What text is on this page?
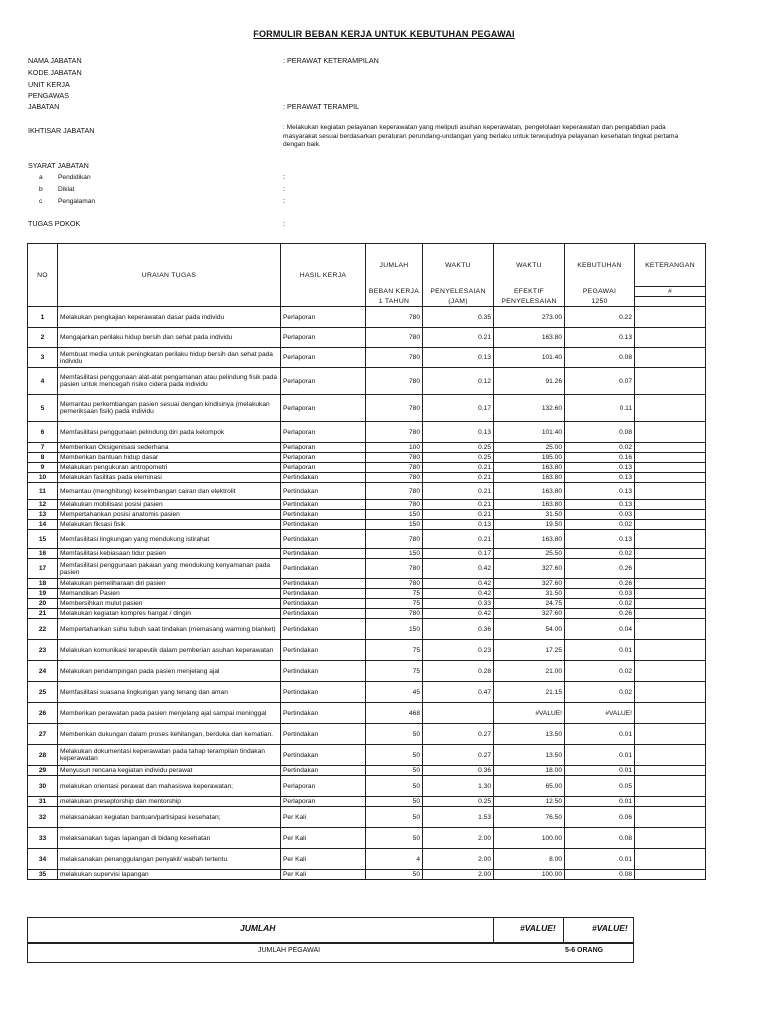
FORMULIR BEBAN KERJA UNTUK KEBUTUHAN PEGAWAI
NAMA JABATAN	: PERAWAT KETERAMPILAN
KODE JABATAN
UNIT KERJA
PENGAWAS
JABATAN	: PERAWAT TERAMPIL
IKHTISAR JABATAN	: Melakukan kegiatan pelayanan keperawatan yang meliputi asuhan keperawatan, pengelolaan keperawatan dan pengabdian pada masyarakat sesuai berdasarkan peraturan perundang-undangan yang berlaku untuk terwujudnya pelayanan kesehatan tingkat pertama dengan baik.
SYARAT JABATAN
a Pendidikan	:
b Diklat	:
c Pengalaman	:
TUGAS POKOK	:
NO	URAIAN TUGAS	HASIL KERJA	JUMLAH	WAKTU	WAKTU	KEBUTUHAN	KETERANGAN
			BEBAN KERJA	PENYELESAIAN	EFEKTIF	PEGAWAI	#
			1 TAHUN	(JAM)	PENYELESAIAN	1250	
1	Melakukan pengkajian keperawatan dasar pada individu	Perlaporan	780	0.35	273.00	0.22	
2	Mengajarkan perilaku hidup bersih dan sehat pada individu	Perlaporan	780	0.21	163.80	0.13	
3	Membuat media untuk peningkatan perilaku hidup bersih dan sehat pada individu	Perlaporan	780	0.13	101.40	0.08	
4	Memfasilitasi penggunaan alat-alat pengamanan atau pelindung fisik pada pasien untuk mencegah risiko cidera pada individu	Perlaporan	780	0.12	91.26	0.07	
5	Memantau perkembangan pasien sesuai dengan kindisinya (melakukan pemeriksaan fisik) pada individu	Perlaporan	780	0.17	132.60	0.11	
6	Memfasilitasi penggunaan pelindung diri pada kelompok	Perlaporan	780	0.13	101.40	0.08	
7	Memberikan Oksigenisasi sederhana	Perlaporan	100	0.25	25.00	0.02	
8	Memberikan bantuan hidup dasar	Perlaporan	780	0.25	195.00	0.16	
9	Melakukan pengukuran antropometri	Perlaporan	780	0.21	163.80	0.13	
10	Melakukan fasilitas pada eleminasi	Pertindakan	780	0.21	163.80	0.13	
11	Memantau (menghitung) keseimbangan cairan dan elektrolit	Pertindakan	780	0.21	163.80	0.13	
12	Melakukan mobilisasi posisi pasien	Pertindakan	780	0.21	163.80	0.13	
13	Mempertahankan posisi anatomis pasien	Pertindakan	150	0.21	31.50	0.03	
14	Melakukan fiksasi fisik	Pertindakan	150	0.13	19.50	0.02	
15	Memfasilitasi lingkungan yang mendukung istirahat	Pertindakan	780	0.21	163.80	0.13	
16	Memfasilitasi kebiasaan tidur pasien	Pertindakan	150	0.17	25.50	0.02	
17	Memfasilitasi penggunaan pakaian yang mendukung kenyamanan pada pasien	Pertindakan	780	0.42	327.60	0.26	
18	Melakukan pemeliharaan diri pasien	Pertindakan	780	0.42	327.60	0.26	
19	Memandikan Pasien	Pertindakan	75	0.42	31.50	0.03	
20	Membersihkan mulut pasien	Pertindakan	75	0.33	24.75	0.02	
21	Melakukan kegiatan kompres hangat / dingin	Pertindakan	780	0.42	327.60	0.26	
22	Mempertahankan suhu tubuh saat tindakan (memasang warming blanket)	Pertindakan	150	0.36	54.00	0.04	
23	Melakukan komunikasi terapeutik dalam pemberian asuhan keperawatan	Pertindakan	75	0.23	17.25	0.01	
24	Melakukan pendampingan pada pasien menjelang ajal	Pertindakan	75	0.28	21.00	0.02	
25	Memfasilitasi suasana lingkungan yang tenang dan aman	Pertindakan	45	0.47	21.15	0.02	
26	Memberikan perawatan pada pasien menjelang ajal sampai meninggal	Pertindakan	468		#VALUE!	#VALUE!	
27	Memberikan dukungan dalam proses kehilangan, berduka dan kematian.	Pertindakan	50	0.27	13.50	0.01	
28	Melakukan dokumentasi keperawatan pada tahap terampilan tindakan keperawatan	Pertindakan	50	0.27	13.50	0.01	
29	Menyusun rencana kegiatan individu perawat	Pertindakan	50	0.36	18.00	0.01	
30	melakukan orientasi perawat dan mahasiswa keperawatan;	Perlaporan	50	1.30	65.00	0.05	
31	melakukan preseptorship dan mentorship	Perlaporan	50	0.25	12.50	0.01	
32	melaksanakan kegiatan bantuan/partisipasi kesehatan;	Per Kali	50	1.53	76.50	0.06	
33	melaksanakan tugas lapangan di bidang kesehatan	Per Kali	50	2.00	100.00	0.08	
34	melaksanakan penanggulangan penyakit/ wabah tertentu	Per Kali	4	2.00	8.00	0.01	
35	melakukan supervisi lapangan	Per Kali	50	2.00	100.00	0.08	
JUMLAH	#VALUE!	#VALUE!
JUMLAH PEGAWAI	5-6 ORANG
